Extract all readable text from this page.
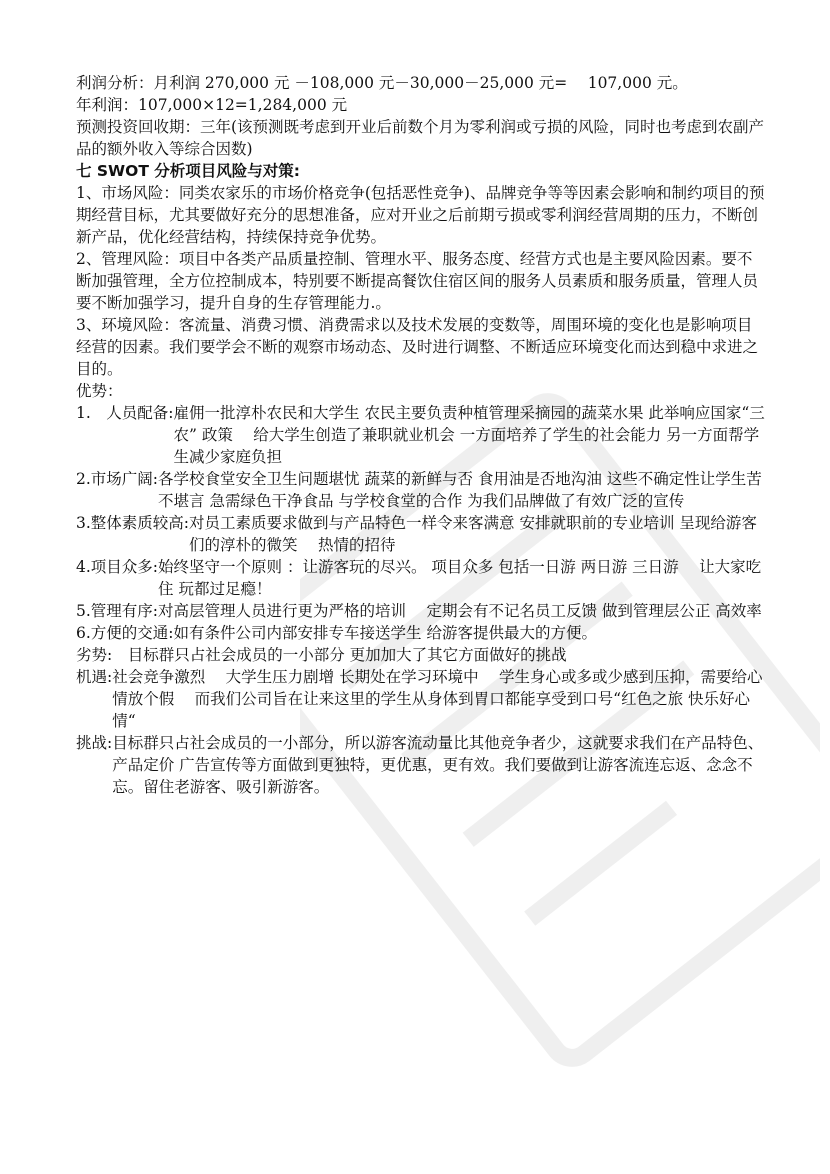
利润分析：月利润 270,000 元 －108,000 元－30,000－25,000 元=　 107,000 元。

年利润：107,000×12=1,284,000 元

预测投资回收期：三年(该预测既考虑到开业后前数个月为零利润或亏损的风险，同时也考虑到农副产品的额外收入等综合因数)

七 SWOT 分析项目风险与对策:

1、市场风险：同类农家乐的市场价格竞争(包括恶性竞争)、品牌竞争等等因素会影响和制约项目的预期经营目标，尤其要做好充分的思想准备，应对开业之后前期亏损或零利润经营周期的压力，不断创新产品，优化经营结构，持续保持竞争优势。

2、管理风险：项目中各类产品质量控制、管理水平、服务态度、经营方式也是主要风险因素。要不断加强管理，全方位控制成本，特别要不断提高餐饮住宿区间的服务人员素质和服务质量，管理人员要不断加强学习，提升自身的生存管理能力.。

3、环境风险：客流量、消费习惯、消费需求以及技术发展的变数等，周围环境的变化也是影响项目经营的因素。我们要学会不断的观察市场动态、及时进行调整、不断适应环境变化而达到稳中求进之目的。

优势：

1.　人员配备: 雇佣一批淳朴农民和大学生 农民主要负责种植管理采摘园的蔬菜水果 此举响应国家“三农” 政策　 给大学生创造了兼职就业机会 一方面培养了学生的社会能力 另一方面帮学生减少家庭负担
2.市场广阔: 各学校食堂安全卫生问题堪忧 蔬菜的新鲜与否 食用油是否地沟油 这些不确定性让学生苦不堪言 急需绿色干净食品 与学校食堂的合作 为我们品牌做了有效广泛的宣传
3.整体素质较高: 对员工素质要求做到与产品特色一样令来客满意 安排就职前的专业培训 呈现给游客们的淳朴的微笑　 热情的招待
4.项目众多: 始终坚守一个原则 ：让游客玩的尽兴。 项目众多 包括一日游 两日游 三日游　 让大家吃 住 玩都过足瘾！
5.管理有序: 对高层管理人员进行更为严格的培训　 定期会有不记名员工反馈 做到管理层公正 高效率
6.方便的交通: 如有条件公司内部安排专车接送学生 给游客提供最大的方便。
劣势: 　目标群只占社会成员的一小部分 更加加大了其它方面做好的挑战
机遇: 社会竞争激烈　 大学生压力剧增 长期处在学习环境中　 学生身心或多或少感到压抑，需要给心情放个假　 而我们公司旨在让来这里的学生从身体到胃口都能享受到口号“红色之旅 快乐好心情“
挑战: 目标群只占社会成员的一小部分，所以游客流动量比其他竞争者少，这就要求我们在产品特色、产品定价 广告宣传等方面做到更独特，更优惠，更有效。我们要做到让游客流连忘返、念念不忘。留住老游客、吸引新游客。
